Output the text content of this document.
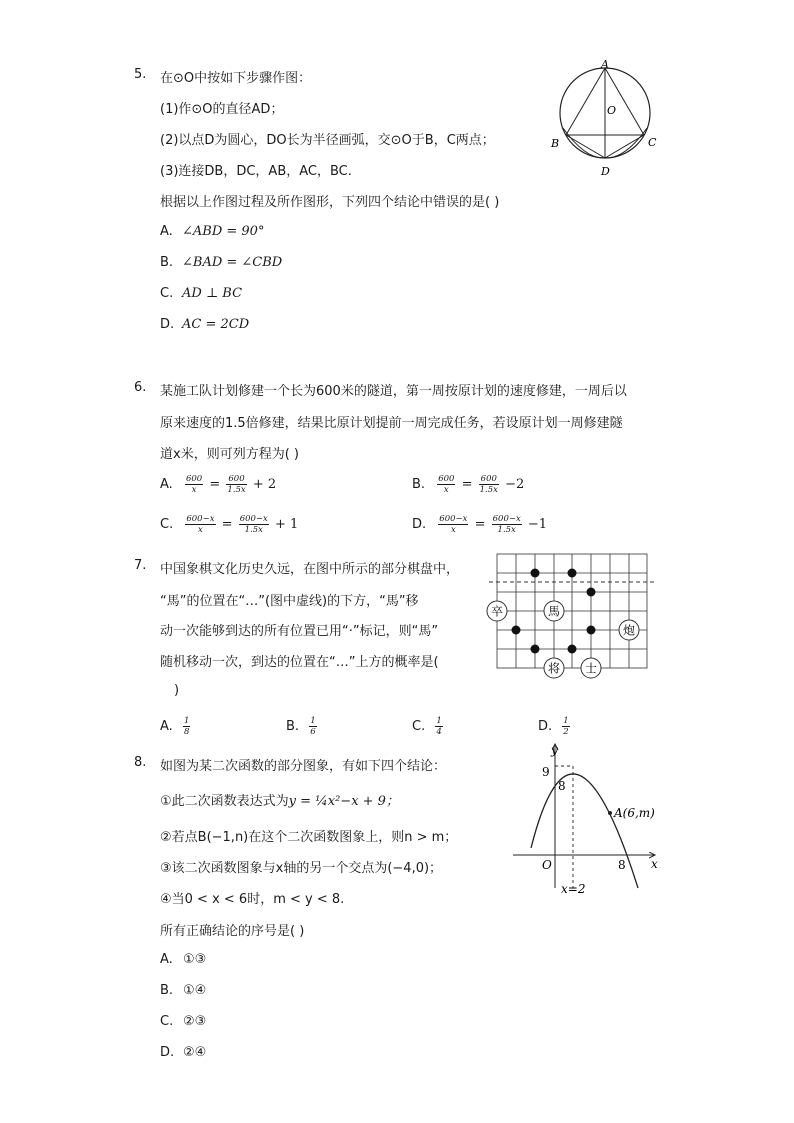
5. 在⊙O中按如下步骤作图：
(1)作⊙O的直径AD；
(2)以点D为圆心，DO长为半径画弧，交⊙O于B，C两点；
(3)连接DB，DC，AB，AC，BC.
根据以上作图过程及所作图形，下列四个结论中错误的是( )
A. ∠ABD = 90°
B. ∠BAD = ∠CBD
C. AD ⊥ BC
D. AC = 2CD
A
O
B	C
D
6. 某施工队计划修建一个长为600米的隧道，第一周按原计划的速度修建，一周后以
原来速度的1.5倍修建，结果比原计划提前一周完成任务，若设原计划一周修建隧
道x米，则可列方程为( )
A. $\frac{600}{x} = \frac{600}{1.5x} + 2$	B. $\frac{600}{x} = \frac{600}{1.5x} -2$
C. $\frac{600-x}{x} = \frac{600-x}{1.5x} + 1$	D. $\frac{600-x}{x} = \frac{600-x}{1.5x} -1$
7. 中国象棋文化历史久远，在图中所示的部分棋盘中，
“馬”的位置在“…”(图中虚线)的下方，“馬”移
动一次能够到达的所有位置已用“·”标记，则“馬”
随机移动一次，到达的位置在“…”上方的概率是(
)
A. $\frac{1}{8}$	B. $\frac{1}{6}$	C. $\frac{1}{4}$	D. $\frac{1}{2}$
卒	馬
炮
将 士
8. 如图为某二次函数的部分图象，有如下四个结论：
①此二次函数表达式为y = ¼x²−x + 9；
②若点B(−1,n)在这个二次函数图象上，则n > m；
③该二次函数图象与x轴的另一个交点为(−4,0)；
④当0 < x < 6时，m < y < 8.
所有正确结论的序号是( )
A. ①③
B. ①④
C. ②③
D. ②④
y
x
O
9
8
8
A(6,m)
x=2
